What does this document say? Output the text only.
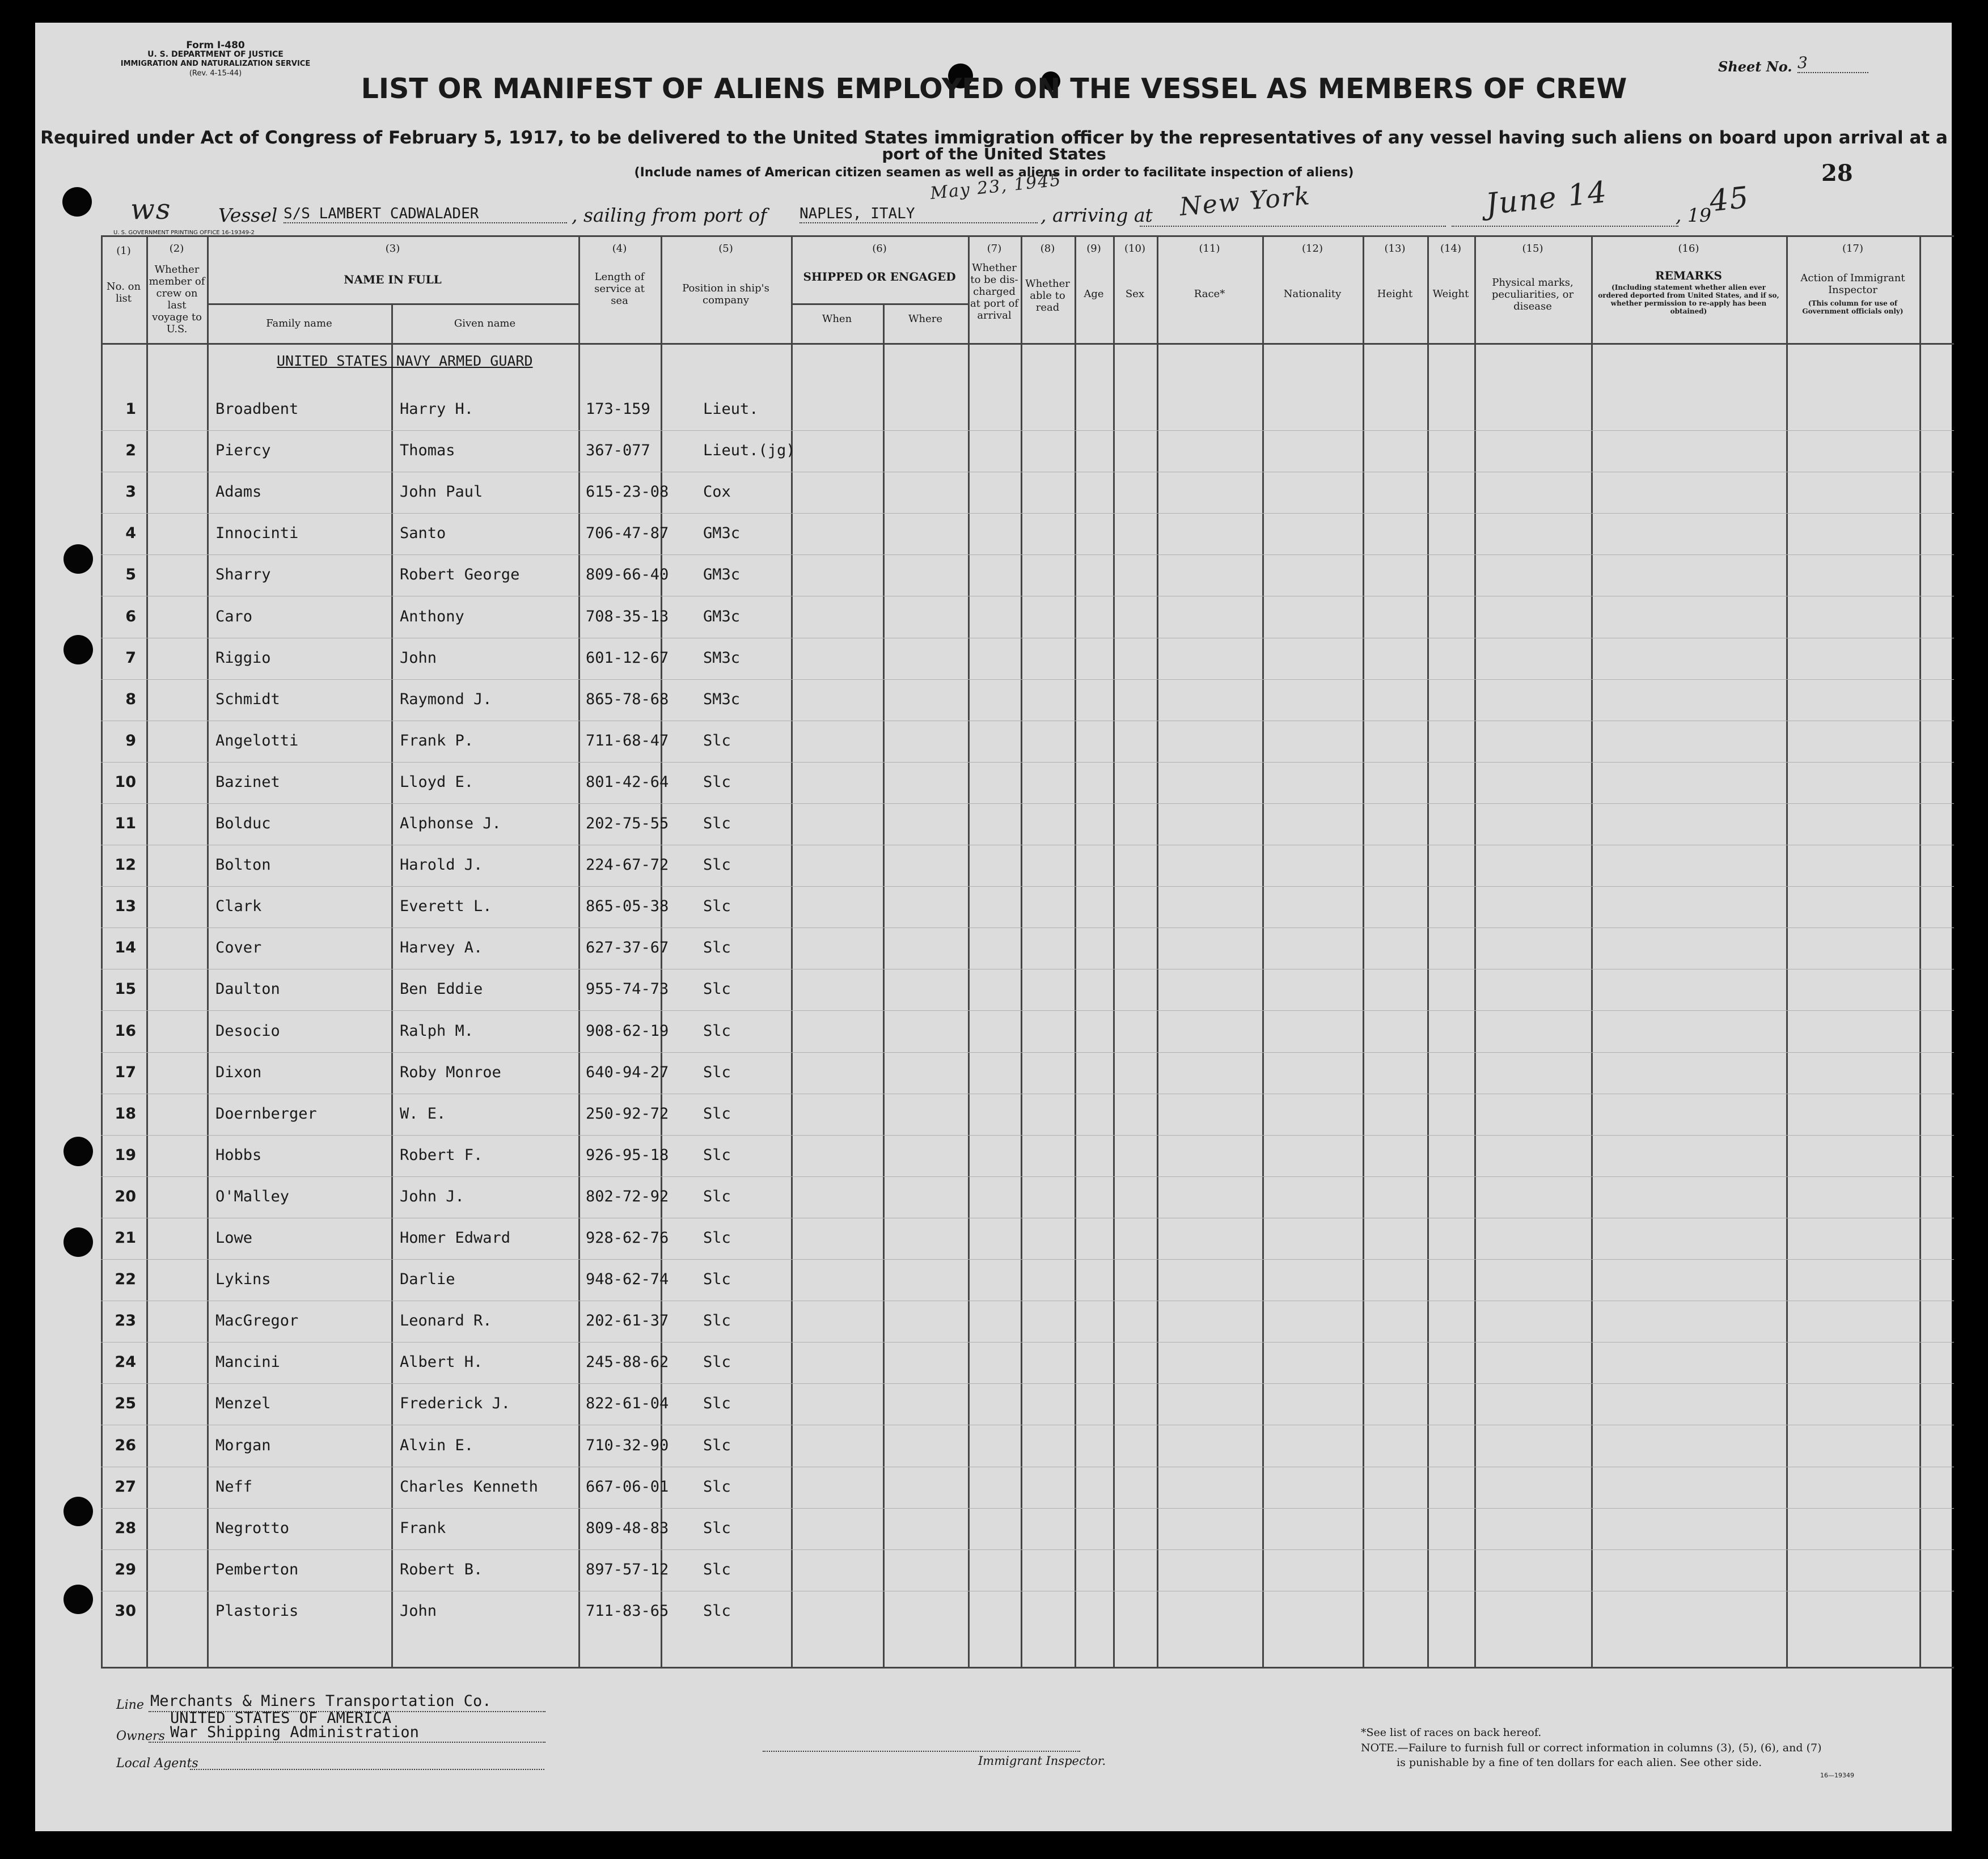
Form I-480
U. S. DEPARTMENT OF JUSTICE
IMMIGRATION AND NATURALIZATION SERVICE
(Rev. 4-15-44)	Sheet No. 3
28
LIST OR MANIFEST OF ALIENS EMPLOYED ON THE VESSEL AS MEMBERS OF CREW
Required under Act of Congress of February 5, 1917, to be delivered to the United States immigration officer by the representatives of any vessel having such aliens on board upon arrival at a
port of the United States
(Include names of American citizen seamen as well as aliens in order to facilitate inspection of aliens)
ws	Vessel S/S LAMBERT CADWALADER	, sailing from port of NAPLES, ITALY
May 23, 1945
, arriving at New York	June 14	, 19
45
U. S. GOVERNMENT PRINTING OFFICE 16-19349-2
(1)	(2)	(3)	(4)	(5)	(6)	(7)	(8)	(9)	(10)	(11)	(12)	(13)	(14)	(15)	(16)	(17)
No. on list
Whether member of crew on last voyage to U.S.
NAME IN FULL
Family name	Given name
Length of service at sea
Position in ship's company
SHIPPED OR ENGAGED
When	Where
Whether to be dis-charged at port of arrival
Whether able to read
Age	Sex	Race*	Nationality	Height	Weight
Physical marks, peculiarities, or disease
REMARKS
(Including statement whether alien ever ordered deported from United States, and if so, whether permission to re-apply has been obtained)
Action of Immigrant Inspector
(This column for use of Government officials only)
UNITED STATES NAVY ARMED GUARD
1	Broadbent	Harry H.	173-159	Lieut.
2	Piercy	Thomas	367-077	Lieut.(jg)
3	Adams	John Paul	615-23-08 Cox
4	Innocinti	Santo	706-47-87 GM3c
5	Sharry	Robert George	809-66-40 GM3c
6	Caro	Anthony	708-35-13 GM3c
7	Riggio	John	601-12-67 SM3c
8	Schmidt	Raymond J.	865-78-68 SM3c
9	Angelotti	Frank P.	711-68-47 Slc
10	Bazinet	Lloyd E.	801-42-64 Slc
11	Bolduc	Alphonse J.	202-75-55 Slc
12	Bolton	Harold J.	224-67-72 Slc
13	Clark	Everett L.	865-05-38 Slc
14	Cover	Harvey A.	627-37-67 Slc
15	Daulton	Ben Eddie	955-74-73 Slc
16	Desocio	Ralph M.	908-62-19 Slc
17	Dixon	Roby Monroe	640-94-27 Slc
18	Doernberger	W. E.	250-92-72 Slc
19	Hobbs	Robert F.	926-95-18 Slc
20	O'Malley	John J.	802-72-92 Slc
21	Lowe	Homer Edward	928-62-76 Slc
22	Lykins	Darlie	948-62-74 Slc
23	MacGregor	Leonard R.	202-61-37 Slc
24	Mancini	Albert H.	245-88-62 Slc
25	Menzel	Frederick J.	822-61-04 Slc
26	Morgan	Alvin E.	710-32-90 Slc
27	Neff	Charles Kenneth	667-06-01 Slc
28	Negrotto	Frank	809-48-83 Slc
29	Pemberton	Robert B.	897-57-12 Slc
30	Plastoris	John	711-83-65 Slc
Line Merchants & Miners Transportation Co.
UNITED STATES OF AMERICA
Owners War Shipping Administration
Local Agents	Immigrant Inspector.
*See list of races on back hereof.
NOTE.—Failure to furnish full or correct information in columns (3), (5), (6), and (7)
is punishable by a fine of ten dollars for each alien. See other side.
16—19349
